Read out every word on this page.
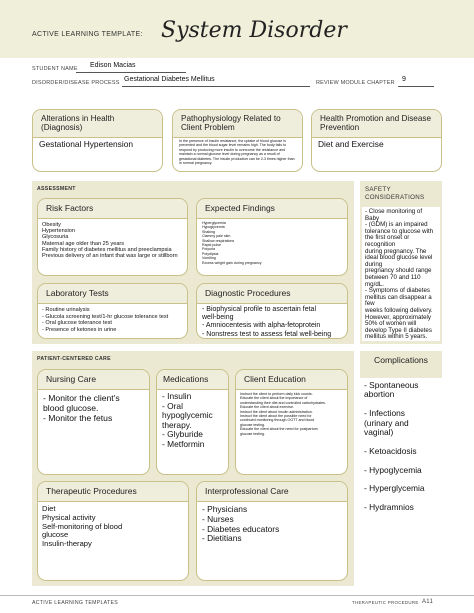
ACTIVE LEARNING TEMPLATE: System Disorder
STUDENT NAME Edison Macias
DISORDER/DISEASE PROCESS Gestational Diabetes Mellitus	REVIEW MODULE CHAPTER 9
Alterations in Health (Diagnosis)
Gestational Hypertension
Pathophysiology Related to Client Problem
In the presence of insulin resistance, the uptake of blood glucose is prevented and the blood sugar level remains high. The body fails to respond by producing more insulin to overcome the resistance and maintain a normal glucose level during pregnancy as a result of gestational diabetes. The insulin production can be 2-3 times higher than in normal pregnancy.
Health Promotion and Disease Prevention
Diet and Exercise
ASSESSMENT
Risk Factors
Obesity
Hypertension
Glycosuria
Maternal age older than 25 years
Family history of diabetes mellitus and preeclampsia
Previous delivery of an infant that was large or stillborn
Expected Findings
Hyperglycemia
Hypoglycemia
Shaking
Clammy pale skin
Shallow respirations
Rapid pulse
Polyuria
Polydipsia
Vomiting
Excess weight gain during pregnancy
Laboratory Tests
- Routine urinalysis
- Glucola screening test/1-hr glucose tolerance test
- Oral glucose tolerance test
- Presence of ketones in urine
Diagnostic Procedures
- Biophysical profile to ascertain fetal
well-being
- Amniocentesis with alpha-fetoprotein
- Nonstress test to assess fetal well-being
SAFETY
CONSIDERATIONS
- Close monitoring of
Baby
- (GDM) is an impaired
tolerance to glucose with
the first onset or
recognition
during pregnancy. The
ideal blood glucose level
during
pregnancy should range
between 70 and 110
mg/dL.
- Symptoms of diabetes
mellitus can disappear a
few
weeks following delivery.
However, approximately
50% of women will
develop Type II diabetes
mellitus within 5 years.
PATIENT-CENTERED CARE
Nursing Care
- Monitor the client's
blood glucose.
- Monitor the fetus
Medications
- Insulin
- Oral
hypoglycemic
therapy.
- Glyburide
- Metformin
Client Education
Instruct the client to perform daily kick counts.
Educate the client about the importance of
understanding their diet and controlled carbohydrates.
Educate the client about exercise.
Instruct the client about insulin administration.
Instruct the client about the possible need for
continued monitoring through OGTT and blood
glucose testing.
Educate the client about the need for postpartum
glucose testing.
Therapeutic Procedures
Diet
Physical activity
Self-monitoring of blood
glucose
Insulin-therapy
Interprofessional Care
- Physicians
- Nurses
- Diabetes educators
- Dietitians
- Spontaneous
abortion
- Infections
(urinary and
vaginal)
- Ketoacidosis
- Hypoglycemia
- Hyperglycemia
- Hydramnios
Complications
ACTIVE LEARNING TEMPLATES	THERAPEUTIC PROCEDURE A11
